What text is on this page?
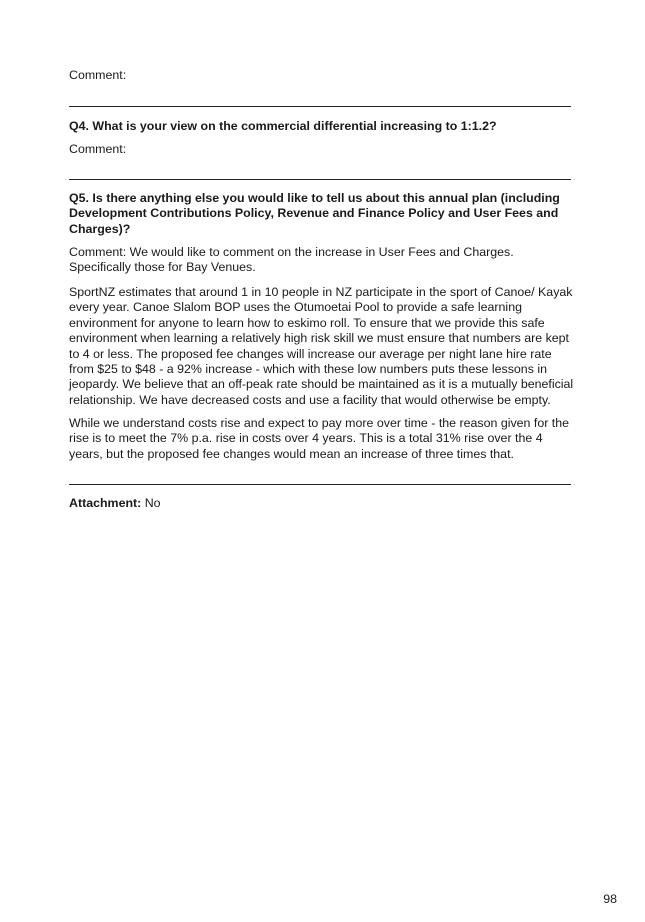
Comment:
Q4. What is your view on the commercial differential increasing to 1:1.2?
Comment:
Q5. Is there anything else you would like to tell us about this annual plan (including
Development Contributions Policy, Revenue and Finance Policy and User Fees and
Charges)?
Comment: We would like to comment on the increase in User Fees and Charges.
Specifically those for Bay Venues.
SportNZ estimates that around 1 in 10 people in NZ participate in the sport of Canoe/ Kayak
every year. Canoe Slalom BOP uses the Otumoetai Pool to provide a safe learning
environment for anyone to learn how to eskimo roll. To ensure that we provide this safe
environment when learning a relatively high risk skill we must ensure that numbers are kept
to 4 or less. The proposed fee changes will increase our average per night lane hire rate
from $25 to $48 - a 92% increase - which with these low numbers puts these lessons in
jeopardy. We believe that an off-peak rate should be maintained as it is a mutually beneficial
relationship. We have decreased costs and use a facility that would otherwise be empty.
While we understand costs rise and expect to pay more over time - the reason given for the
rise is to meet the 7% p.a. rise in costs over 4 years. This is a total 31% rise over the 4
years, but the proposed fee changes would mean an increase of three times that.
Attachment: No
98
